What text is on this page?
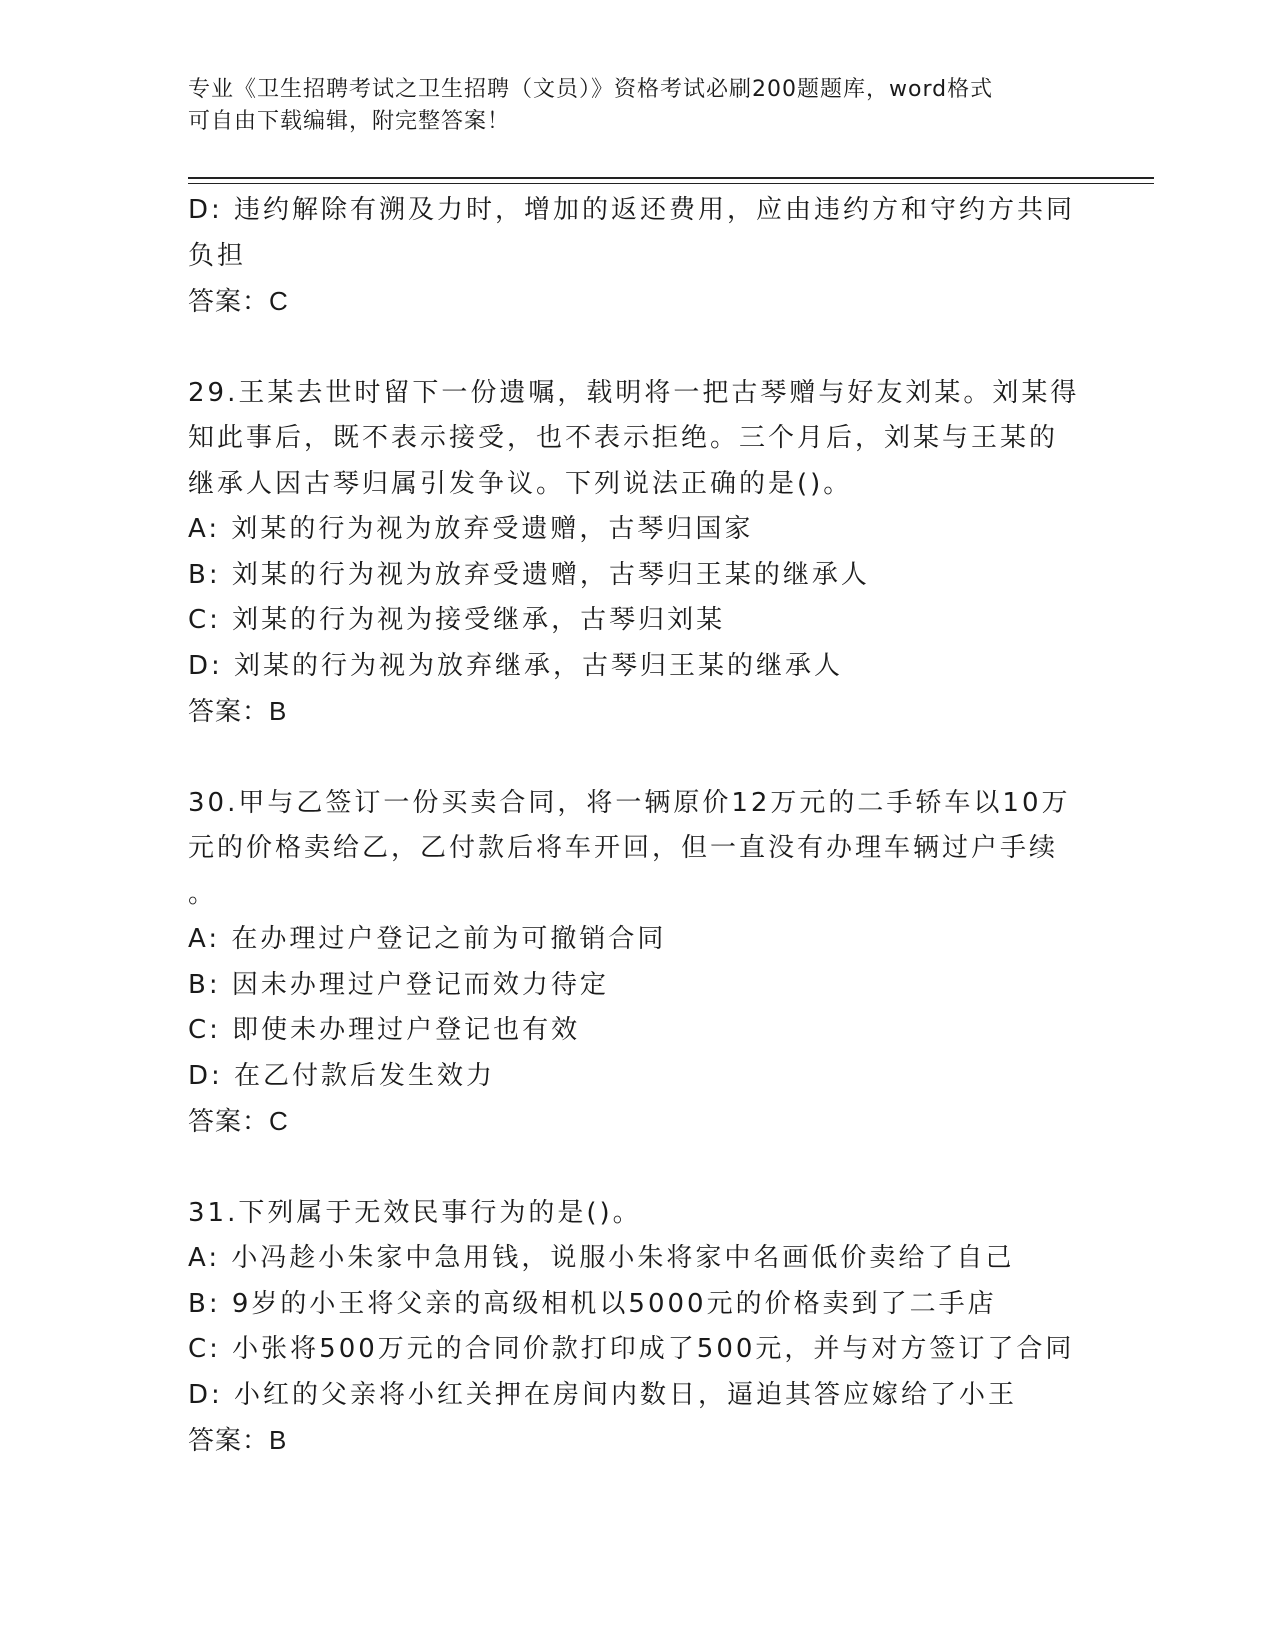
专业《卫生招聘考试之卫生招聘（文员）》资格考试必刷200题题库，word格式
可自由下载编辑，附完整答案！
D: 违约解除有溯及力时，增加的返还费用，应由违约方和守约方共同
负担
答案：C
29.王某去世时留下一份遗嘱，载明将一把古琴赠与好友刘某。刘某得
知此事后，既不表示接受，也不表示拒绝。三个月后，刘某与王某的
继承人因古琴归属引发争议。下列说法正确的是()。
A: 刘某的行为视为放弃受遗赠，古琴归国家
B: 刘某的行为视为放弃受遗赠，古琴归王某的继承人
C: 刘某的行为视为接受继承，古琴归刘某
D: 刘某的行为视为放弃继承，古琴归王某的继承人
答案：B
30.甲与乙签订一份买卖合同，将一辆原价12万元的二手轿车以10万
元的价格卖给乙，乙付款后将车开回，但一直没有办理车辆过户手续
。
A: 在办理过户登记之前为可撤销合同
B: 因未办理过户登记而效力待定
C: 即使未办理过户登记也有效
D: 在乙付款后发生效力
答案：C
31.下列属于无效民事行为的是()。
A: 小冯趁小朱家中急用钱，说服小朱将家中名画低价卖给了自己
B: 9岁的小王将父亲的高级相机以5000元的价格卖到了二手店
C: 小张将500万元的合同价款打印成了500元，并与对方签订了合同
D: 小红的父亲将小红关押在房间内数日，逼迫其答应嫁给了小王
答案：B
